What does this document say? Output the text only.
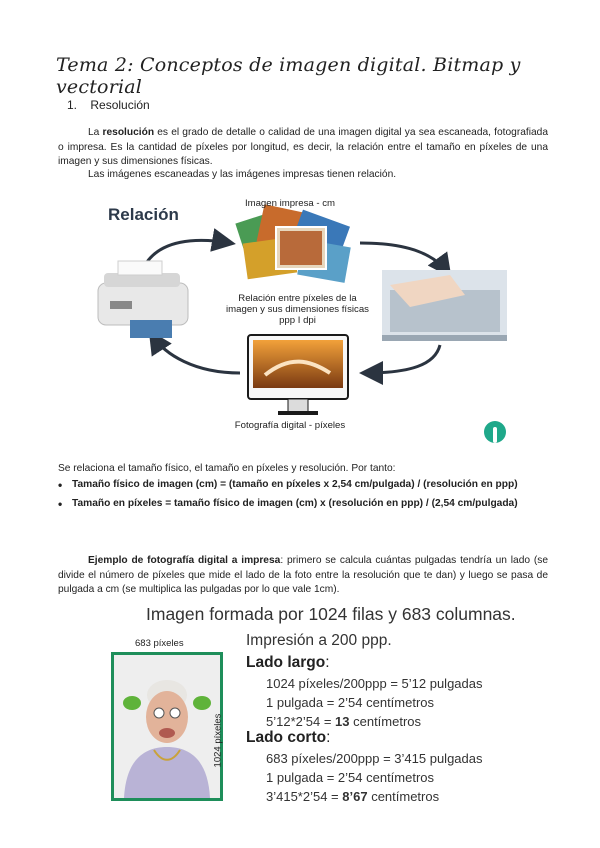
Tema 2: Conceptos de imagen digital. Bitmap y vectorial
1. Resolución
La resolución es el grado de detalle o calidad de una imagen digital ya sea escaneada, fotografiada o impresa. Es la cantidad de píxeles por longitud, es decir, la relación entre el tamaño en píxeles de una imagen y sus dimensiones físicas.
Las imágenes escaneadas y las imágenes impresas tienen relación.
Relación
Imagen impresa - cm
Relación entre píxeles de la
imagen y sus dimensiones físicas
ppp I dpi
Fotografía digital - píxeles
Se relaciona el tamaño físico, el tamaño en píxeles y resolución. Por tanto:
• Tamaño físico de imagen (cm) = (tamaño en píxeles x 2,54 cm/pulgada) / (resolución en ppp)
• Tamaño en píxeles = tamaño físico de imagen (cm) x (resolución en ppp) / (2,54 cm/pulgada)
Ejemplo de fotografía digital a impresa: primero se calcula cuántas pulgadas tendría un lado (se divide el número de píxeles que mide el lado de la foto entre la resolución que te dan) y luego se pasa de pulgada a cm (se multiplica las pulgadas por lo que vale 1cm).
Imagen formada por 1024 filas y 683 columnas.
Impresión a 200 ppp.
683 píxeles
1024 píxeles
Lado largo:
1024 píxeles/200ppp = 5’12 pulgadas
1 pulgada = 2’54 centímetros
5’12*2’54 = 13 centímetros
Lado corto:
683 píxeles/200ppp = 3’415 pulgadas
1 pulgada = 2’54 centímetros
3’415*2’54 = 8’67 centímetros
